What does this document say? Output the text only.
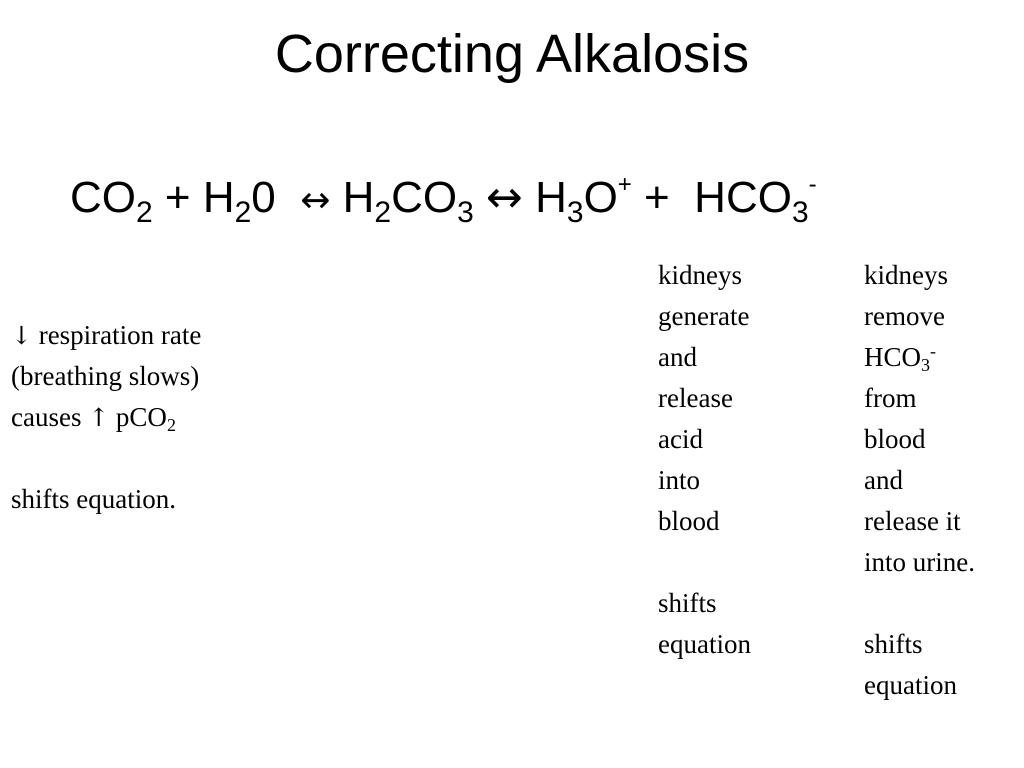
Correcting Alkalosis
$CO_2 + H_20$  ↔ $H_2CO_3$ ↔ $H_3O^+ + HCO_3^-$
↓ respiration rate
(breathing slows)
causes ↑ pCO$_2$
shifts equation.
kidneys
generate
and
release
acid
into
blood
shifts
equation
kidneys
remove
$HCO_3^-$
from
blood
and
release it
into urine.
shifts
equation
